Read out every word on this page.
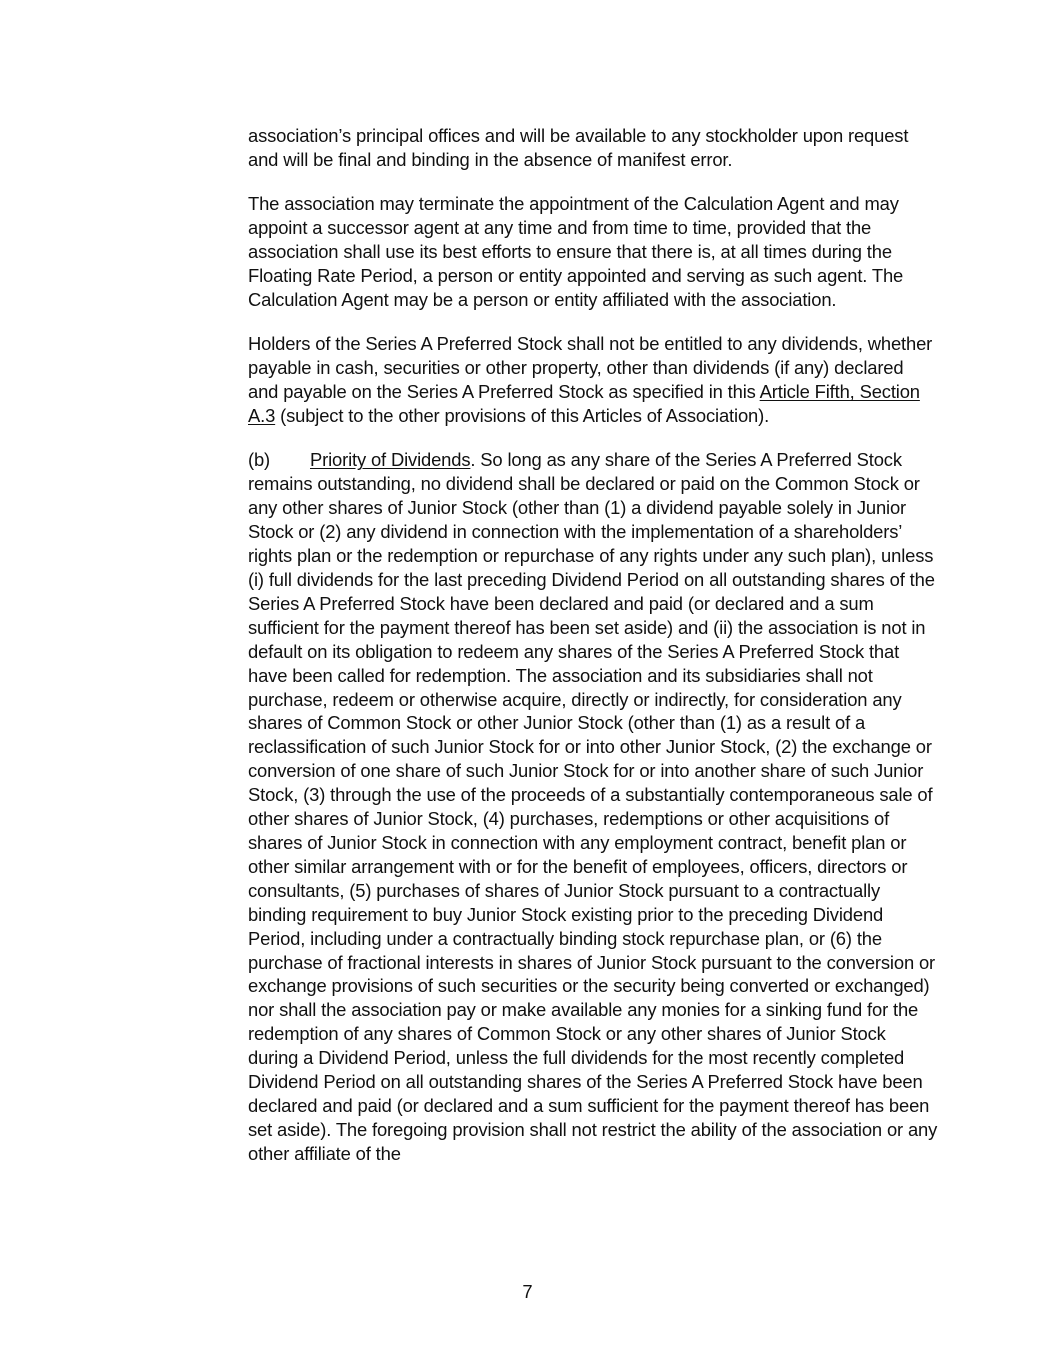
association’s principal offices and will be available to any stockholder upon request and will be final and binding in the absence of manifest error.

The association may terminate the appointment of the Calculation Agent and may appoint a successor agent at any time and from time to time, provided that the association shall use its best efforts to ensure that there is, at all times during the Floating Rate Period, a person or entity appointed and serving as such agent. The Calculation Agent may be a person or entity affiliated with the association.

Holders of the Series A Preferred Stock shall not be entitled to any dividends, whether payable in cash, securities or other property, other than dividends (if any) declared and payable on the Series A Preferred Stock as specified in this Article Fifth, Section A.3 (subject to the other provisions of this Articles of Association).

(b) Priority of Dividends. So long as any share of the Series A Preferred Stock remains outstanding, no dividend shall be declared or paid on the Common Stock or any other shares of Junior Stock (other than (1) a dividend payable solely in Junior Stock or (2) any dividend in connection with the implementation of a shareholders’ rights plan or the redemption or repurchase of any rights under any such plan), unless (i) full dividends for the last preceding Dividend Period on all outstanding shares of the Series A Preferred Stock have been declared and paid (or declared and a sum sufficient for the payment thereof has been set aside) and (ii) the association is not in default on its obligation to redeem any shares of the Series A Preferred Stock that have been called for redemption. The association and its subsidiaries shall not purchase, redeem or otherwise acquire, directly or indirectly, for consideration any shares of Common Stock or other Junior Stock (other than (1) as a result of a reclassification of such Junior Stock for or into other Junior Stock, (2) the exchange or conversion of one share of such Junior Stock for or into another share of such Junior Stock, (3) through the use of the proceeds of a substantially contemporaneous sale of other shares of Junior Stock, (4) purchases, redemptions or other acquisitions of shares of Junior Stock in connection with any employment contract, benefit plan or other similar arrangement with or for the benefit of employees, officers, directors or consultants, (5) purchases of shares of Junior Stock pursuant to a contractually binding requirement to buy Junior Stock existing prior to the preceding Dividend Period, including under a contractually binding stock repurchase plan, or (6) the purchase of fractional interests in shares of Junior Stock pursuant to the conversion or exchange provisions of such securities or the security being converted or exchanged) nor shall the association pay or make available any monies for a sinking fund for the redemption of any shares of Common Stock or any other shares of Junior Stock during a Dividend Period, unless the full dividends for the most recently completed Dividend Period on all outstanding shares of the Series A Preferred Stock have been declared and paid (or declared and a sum sufficient for the payment thereof has been set aside). The foregoing provision shall not restrict the ability of the association or any other affiliate of the

7
